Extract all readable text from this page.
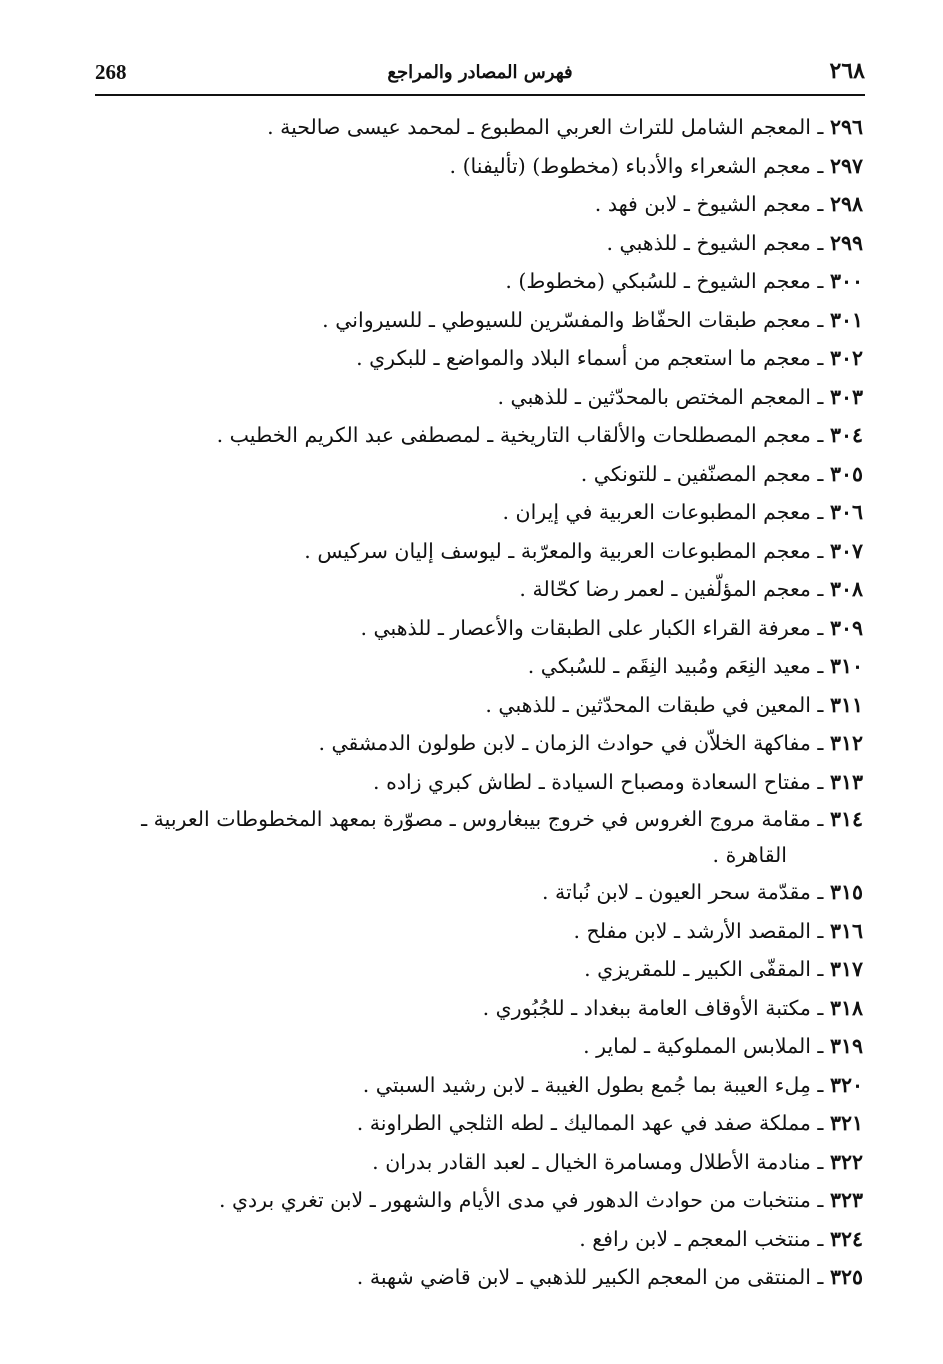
268	فهرس المصادر والمراجع	٢٦٨
٢٩٦ ـ المعجم الشامل للتراث العربي المطبوع ـ لمحمد عيسى صالحية .
٢٩٧ ـ معجم الشعراء والأدباء (مخطوط) (تأليفنا) .
٢٩٨ ـ معجم الشيوخ ـ لابن فهد .
٢٩٩ ـ معجم الشيوخ ـ للذهبي .
٣٠٠ ـ معجم الشيوخ ـ للسُبكي (مخطوط) .
٣٠١ ـ معجم طبقات الحفّاظ والمفسّرين للسيوطي ـ للسيرواني .
٣٠٢ ـ معجم ما استعجم من أسماء البلاد والمواضع ـ للبكري .
٣٠٣ ـ المعجم المختص بالمحدّثين ـ للذهبي .
٣٠٤ ـ معجم المصطلحات والألقاب التاريخية ـ لمصطفى عبد الكريم الخطيب .
٣٠٥ ـ معجم المصنّفين ـ للتونكي .
٣٠٦ ـ معجم المطبوعات العربية في إيران .
٣٠٧ ـ معجم المطبوعات العربية والمعرّبة ـ ليوسف إليان سركيس .
٣٠٨ ـ معجم المؤلّفين ـ لعمر رضا كحّالة .
٣٠٩ ـ معرفة القراء الكبار على الطبقات والأعصار ـ للذهبي .
٣١٠ ـ معيد النِعَم ومُبيد النِقَم ـ للسُبكي .
٣١١ ـ المعين في طبقات المحدّثين ـ للذهبي .
٣١٢ ـ مفاكهة الخلاّن في حوادث الزمان ـ لابن طولون الدمشقي .
٣١٣ ـ مفتاح السعادة ومصباح السيادة ـ لطاش كبري زاده .
٣١٤ ـ مقامة مروج الغروس في خروج بيبغاروس ـ مصوّرة بمعهد المخطوطات العربية ـ
القاهرة .
٣١٥ ـ مقدّمة سحر العيون ـ لابن نُباتة .
٣١٦ ـ المقصد الأرشد ـ لابن مفلح .
٣١٧ ـ المقفّى الكبير ـ للمقريزي .
٣١٨ ـ مكتبة الأوقاف العامة ببغداد ـ للجُبُوري .
٣١٩ ـ الملابس المملوكية ـ لماير .
٣٢٠ ـ مِلء العيبة بما جُمع بطول الغيبة ـ لابن رشيد السبتي .
٣٢١ ـ مملكة صفد في عهد المماليك ـ لطه الثلجي الطراونة .
٣٢٢ ـ منادمة الأطلال ومسامرة الخيال ـ لعبد القادر بدران .
٣٢٣ ـ منتخبات من حوادث الدهور في مدى الأيام والشهور ـ لابن تغري بردي .
٣٢٤ ـ منتخب المعجم ـ لابن رافع .
٣٢٥ ـ المنتقى من المعجم الكبير للذهبي ـ لابن قاضي شهبة .
